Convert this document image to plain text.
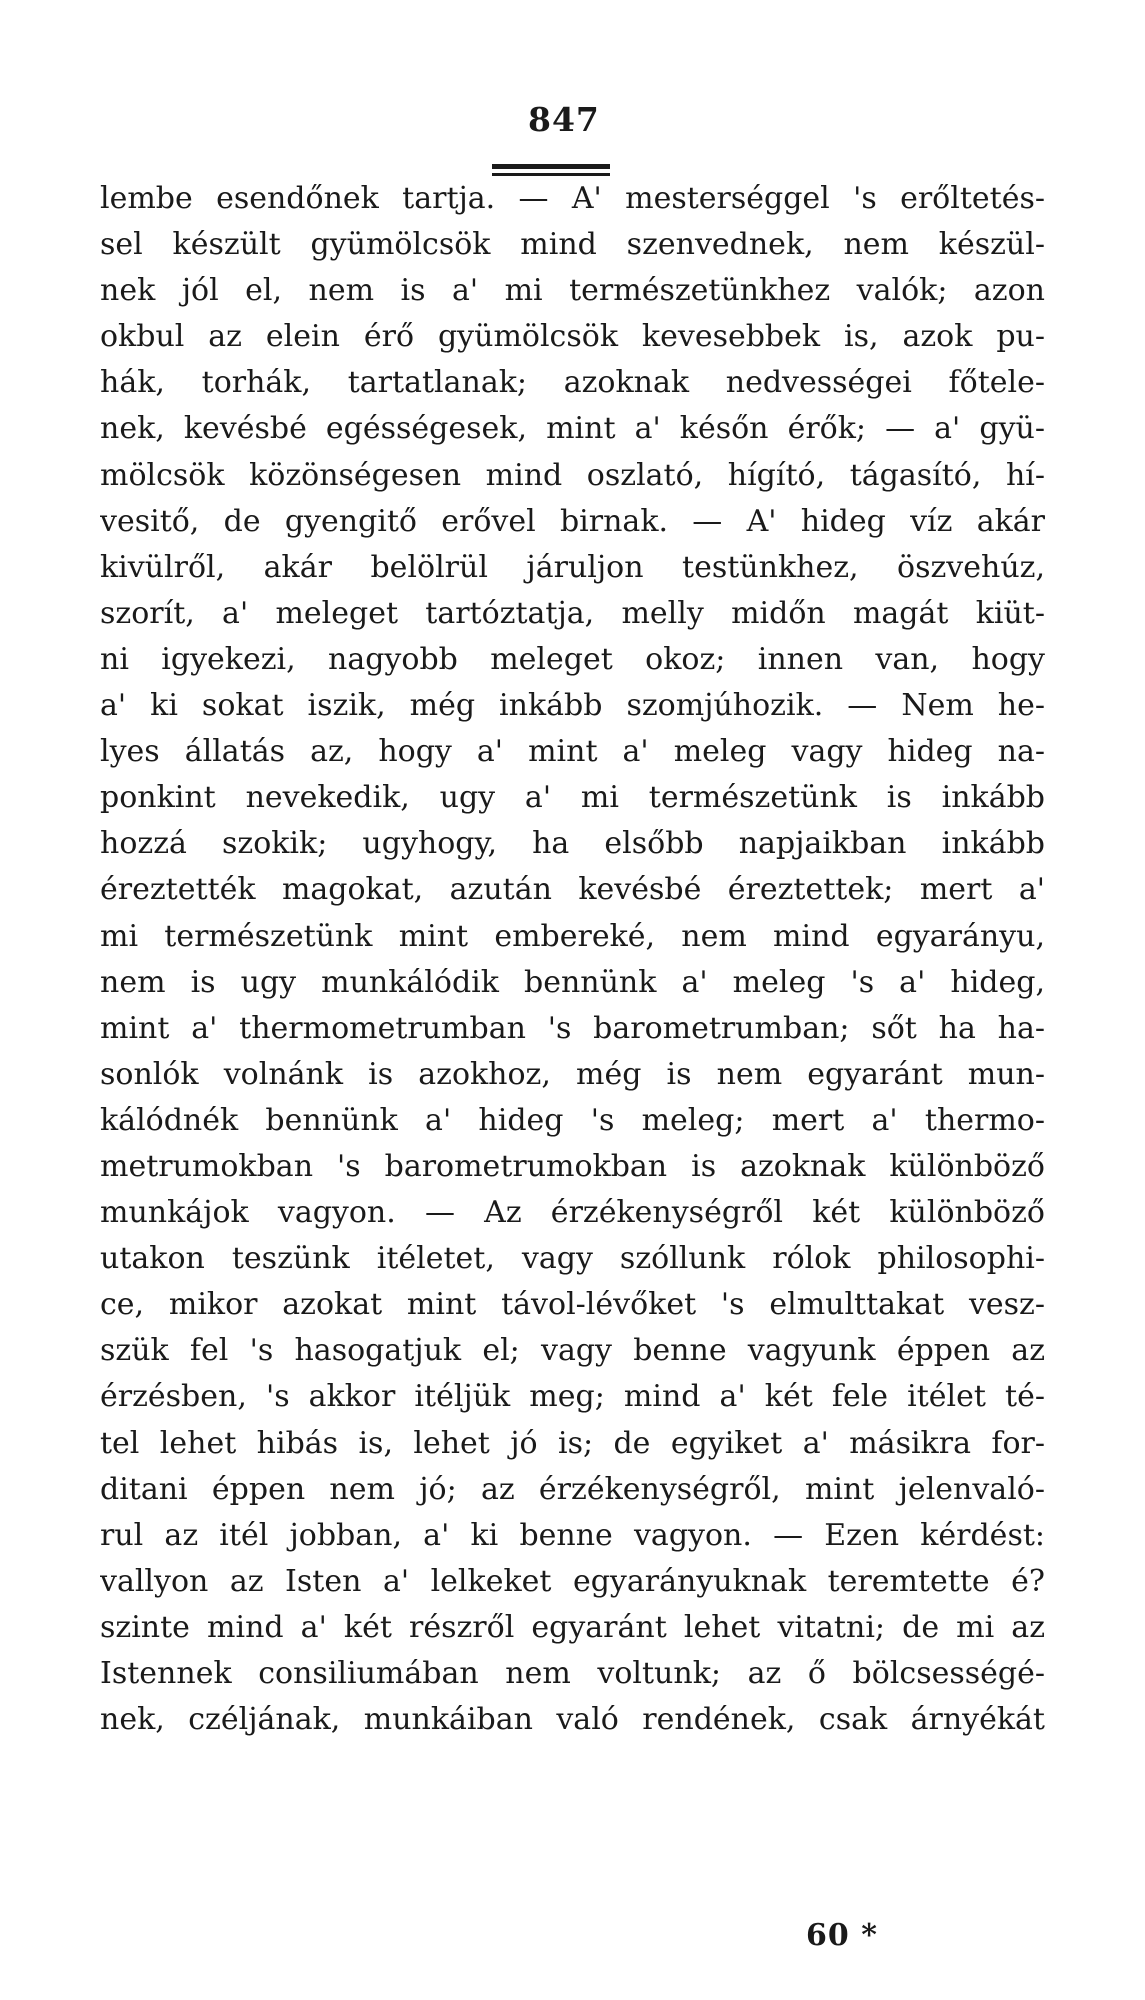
847
lembe esendőnek tartja. — A' mesterséggel 's erőltetés-
sel készült gyümölcsök mind szenvednek, nem készül-
nek jól el, nem is a' mi természetünkhez valók; azon
okbul az elein érő gyümölcsök kevesebbek is, azok pu-
hák, torhák, tartatlanak; azoknak nedvességei főtele-
nek, kevésbé egésségesek, mint a' későn érők; — a' gyü-
mölcsök közönségesen mind oszlató, hígító, tágasító, hí-
vesitő, de gyengitő erővel birnak. — A' hideg víz akár
kivülről, akár belölrül járuljon testünkhez, öszvehúz,
szorít, a' meleget tartóztatja, melly midőn magát kiüt-
ni igyekezi, nagyobb meleget okoz; innen van, hogy
a' ki sokat iszik, még inkább szomjúhozik. — Nem he-
lyes állatás az, hogy a' mint a' meleg vagy hideg na-
ponkint nevekedik, ugy a' mi természetünk is inkább
hozzá szokik; ugyhogy, ha elsőbb napjaikban inkább
éreztették magokat, azután kevésbé éreztettek; mert a'
mi természetünk mint embereké, nem mind egyarányu,
nem is ugy munkálódik bennünk a' meleg 's a' hideg,
mint a' thermometrumban 's barometrumban; sőt ha ha-
sonlók volnánk is azokhoz, még is nem egyaránt mun-
kálódnék bennünk a' hideg 's meleg; mert a' thermo-
metrumokban 's barometrumokban is azoknak különböző
munkájok vagyon. — Az érzékenységről két különböző
utakon teszünk itéletet, vagy szóllunk rólok philosophi-
ce, mikor azokat mint távol-lévőket 's elmulttakat vesz-
szük fel 's hasogatjuk el; vagy benne vagyunk éppen az
érzésben, 's akkor itéljük meg; mind a' két fele itélet té-
tel lehet hibás is, lehet jó is; de egyiket a' másikra for-
ditani éppen nem jó; az érzékenységről, mint jelenvaló-
rul az itél jobban, a' ki benne vagyon. — Ezen kérdést:
vallyon az Isten a' lelkeket egyarányuknak teremtette é?
szinte mind a' két részről egyaránt lehet vitatni; de mi az
Istennek consiliumában nem voltunk; az ő bölcsességé-
nek, czéljának, munkáiban való rendének, csak árnyékát
60 *
